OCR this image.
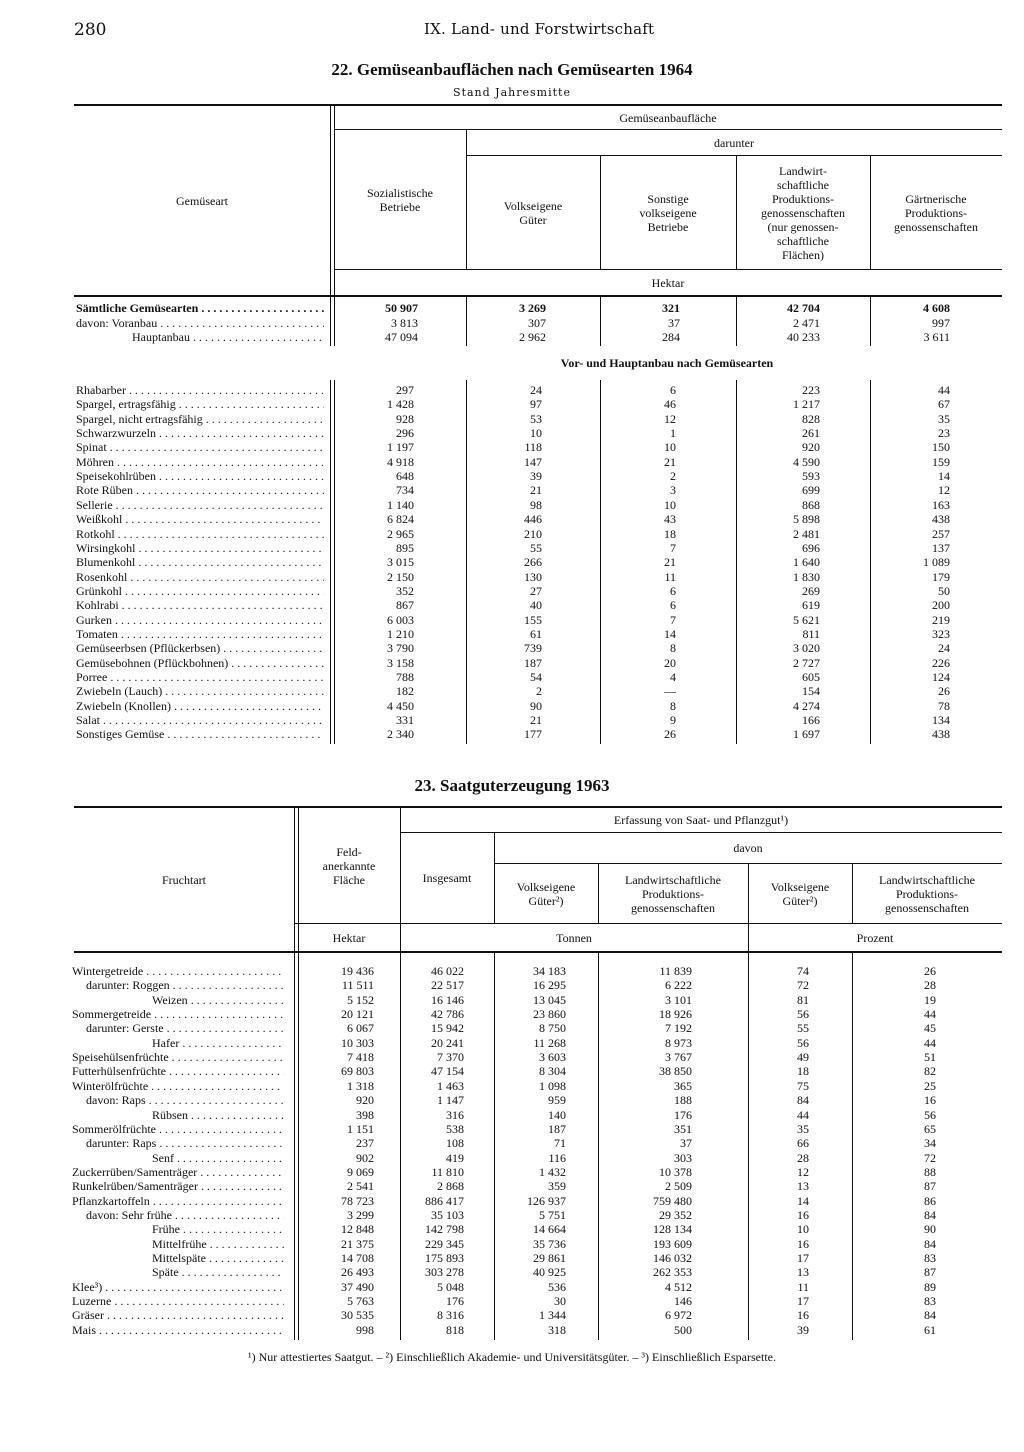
280	IX. Land- und Forstwirtschaft
22. Gemüseanbauflächen nach Gemüsearten 1964
Stand Jahresmitte
Gemüseart
Gemüseanbaufläche
darunter
Sozialistische
Betriebe	Volkseigene
Güter
Sonstige
volkseigene
Betriebe
Landwirt-
schaftliche
Produktions-
genossenschaften
(nur genossen-
schaftliche
Flächen)
Gärtnerische
Produktions-
genossenschaften
Hektar
Sämtliche Gemüsearten . . .	50 907	3 269	321	42 704	4 608
davon: Voranbau . . .	3 813	307	37	2 471	997
Hauptanbau . . .	47 094	2 962	284	40 233	3 611
Vor- und Hauptanbau nach Gemüsearten
Rhabarber . . .	297	24	6	223	44
Spargel, ertragsfähig . . .	1 428	97	46	1 217	67
Spargel, nicht ertragsfähig . . .	928	53	12	828	35
Schwarzwurzeln . . .	296	10	1	261	23
Spinat . . .	1 197	118	10	920	150
Möhren . . .	4 918	147	21	4 590	159
Speisekohlrüben . . .	648	39	2	593	14
Rote Rüben . . .	734	21	3	699	12
Sellerie . . .	1 140	98	10	868	163
Weißkohl . . .	6 824	446	43	5 898	438
Rotkohl . . .	2 965	210	18	2 481	257
Wirsingkohl . . .	895	55	7	696	137
Blumenkohl . . .	3 015	266	21	1 640	1 089
Rosenkohl . . .	2 150	130	11	1 830	179
Grünkohl . . .	352	27	6	269	50
Kohlrabi . . .	867	40	6	619	200
Gurken . . .	6 003	155	7	5 621	219
Tomaten . . .	1 210	61	14	811	323
Gemüseerbsen (Pflückerbsen) . . .	3 790	739	8	3 020	24
Gemüsebohnen (Pflückbohnen) . . .	3 158	187	20	2 727	226
Porree . . .	788	54	4	605	124
Zwiebeln (Lauch) . . .	182	2	—	154	26
Zwiebeln (Knollen) . . .	4 450	90	8	4 274	78
Salat . . .	331	21	9	166	134
Sonstiges Gemüse . . .	2 340	177	26	1 697	438
23. Saatguterzeugung 1963
Fruchtart
Feld-
anerkannte
Fläche
Erfassung von Saat- und Pflanzgut¹)
Insgesamt
davon
Volkseigene
Güter²)
Landwirtschaftliche
Produktions-
genossenschaften
Volkseigene
Güter²)
Landwirtschaftliche
Produktions-
genossenschaften
Hektar	Tonnen	Prozent
Wintergetreide . . .	19 436	46 022	34 183	11 839	74	26
darunter: Roggen . . .	11 511	22 517	16 295	6 222	72	28
Weizen . . .	5 152	16 146	13 045	3 101	81	19
Sommergetreide . . .	20 121	42 786	23 860	18 926	56	44
darunter: Gerste . . .	6 067	15 942	8 750	7 192	55	45
Hafer . . .	10 303	20 241	11 268	8 973	56	44
Speisehülsenfrüchte . . .	7 418	7 370	3 603	3 767	49	51
Futterhülsenfrüchte . . .	69 803	47 154	8 304	38 850	18	82
Winterölfrüchte . . .	1 318	1 463	1 098	365	75	25
davon: Raps . . .	920	1 147	959	188	84	16
Rübsen . . .	398	316	140	176	44	56
Sommerölfrüchte . . .	1 151	538	187	351	35	65
darunter: Raps . . .	237	108	71	37	66	34
Senf . . .	902	419	116	303	28	72
Zuckerrüben/Samenträger . . .	9 069	11 810	1 432	10 378	12	88
Runkelrüben/Samenträger . . .	2 541	2 868	359	2 509	13	87
Pflanzkartoffeln . . .	78 723	886 417	126 937	759 480	14	86
davon: Sehr frühe . . .	3 299	35 103	5 751	29 352	16	84
Frühe . . .	12 848	142 798	14 664	128 134	10	90
Mittelfrühe . . .	21 375	229 345	35 736	193 609	16	84
Mittelspäte . . .	14 708	175 893	29 861	146 032	17	83
Späte . . .	26 493	303 278	40 925	262 353	13	87
Klee³) . . .	37 490	5 048	536	4 512	11	89
Luzerne . . .	5 763	176	30	146	17	83
Gräser . . .	30 535	8 316	1 344	6 972	16	84
Mais . . .	998	818	318	500	39	61
¹) Nur attestiertes Saatgut. – ²) Einschließlich Akademie- und Universitätsgüter. – ³) Einschließlich Esparsette.
